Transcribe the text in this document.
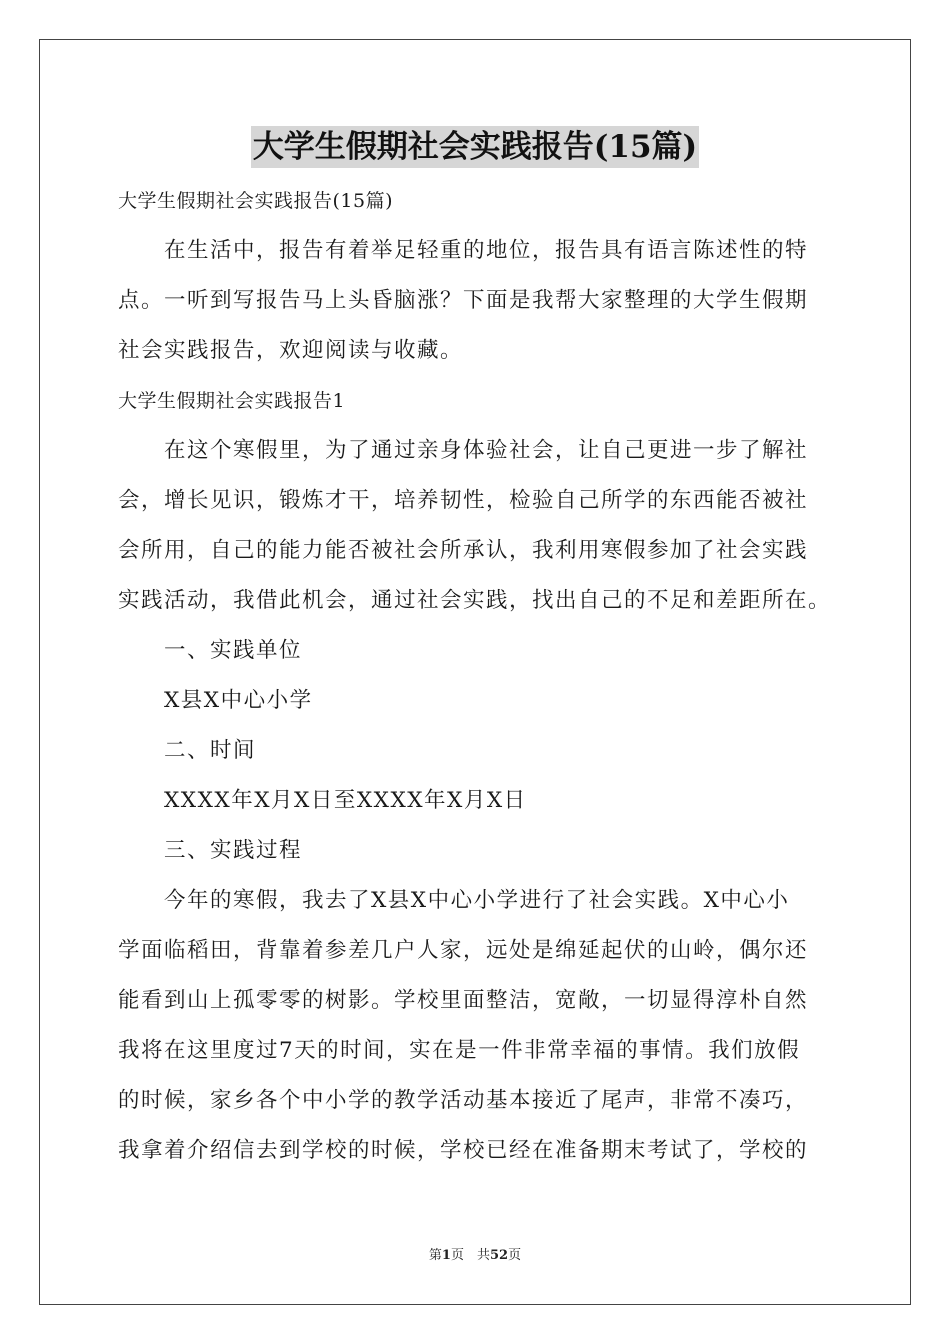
大学生假期社会实践报告(15篇)
大学生假期社会实践报告(15篇)
在生活中，报告有着举足轻重的地位，报告具有语言陈述性的特
点。一听到写报告马上头昏脑涨？下面是我帮大家整理的大学生假期
社会实践报告，欢迎阅读与收藏。
大学生假期社会实践报告1
在这个寒假里，为了通过亲身体验社会，让自己更进一步了解社
会，增长见识，锻炼才干，培养韧性，检验自己所学的东西能否被社
会所用，自己的能力能否被社会所承认，我利用寒假参加了社会实践
实践活动，我借此机会，通过社会实践，找出自己的不足和差距所在。
一、实践单位
X县X中心小学
二、时间
XXXX年X月X日至XXXX年X月X日
三、实践过程
今年的寒假，我去了X县X中心小学进行了社会实践。X中心小
学面临稻田，背靠着参差几户人家，远处是绵延起伏的山岭，偶尔还
能看到山上孤零零的树影。学校里面整洁，宽敞，一切显得淳朴自然
我将在这里度过7天的时间，实在是一件非常幸福的事情。我们放假
的时候，家乡各个中小学的教学活动基本接近了尾声，非常不凑巧，
我拿着介绍信去到学校的时候，学校已经在准备期末考试了，学校的
第1页　共52页
